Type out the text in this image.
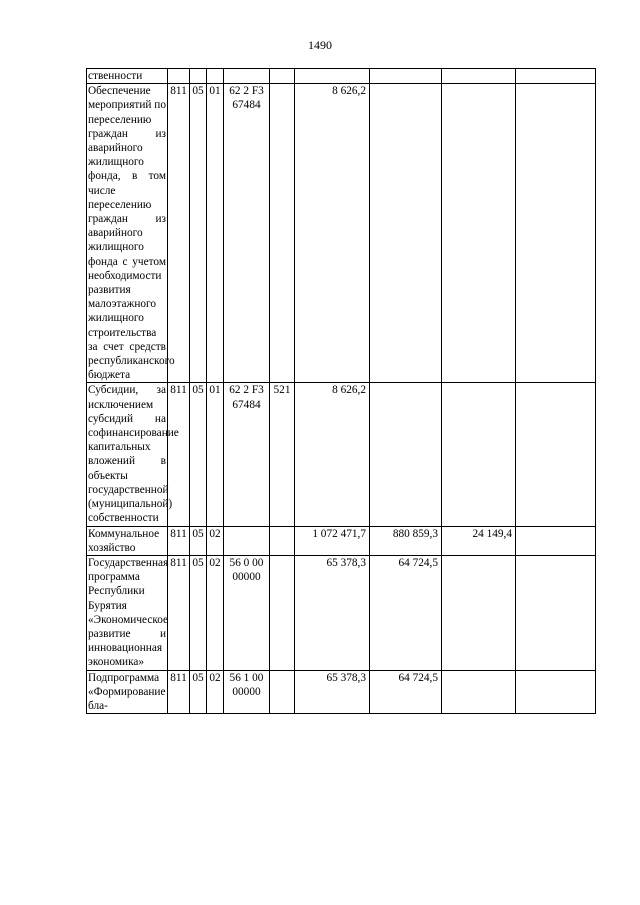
1490
ственности									
Обеспечение мероприятий по переселению граждан из аварийного жилищного фонда, в том числе переселению граждан из аварийного жилищного фонда с учетом необходимости развития малоэтажного жилищного строительства за счет средств республиканского бюджета	811	05	01	62 2 F3 67484		8 626,2			
Субсидии, за исключением субсидий на софинансирование капитальных вложений в объекты государственной (муниципальной) собственности	811	05	01	62 2 F3 67484	521	8 626,2			
Коммунальное хозяйство	811	05	02			1 072 471,7	880 859,3	24 149,4	
Государственная программа Республики Бурятия «Экономическое развитие и инновационная экономика»	811	05	02	56 0 00 00000		65 378,3	64 724,5		
Подпрограмма «Формирование бла-	811	05	02	56 1 00 00000		65 378,3	64 724,5		
